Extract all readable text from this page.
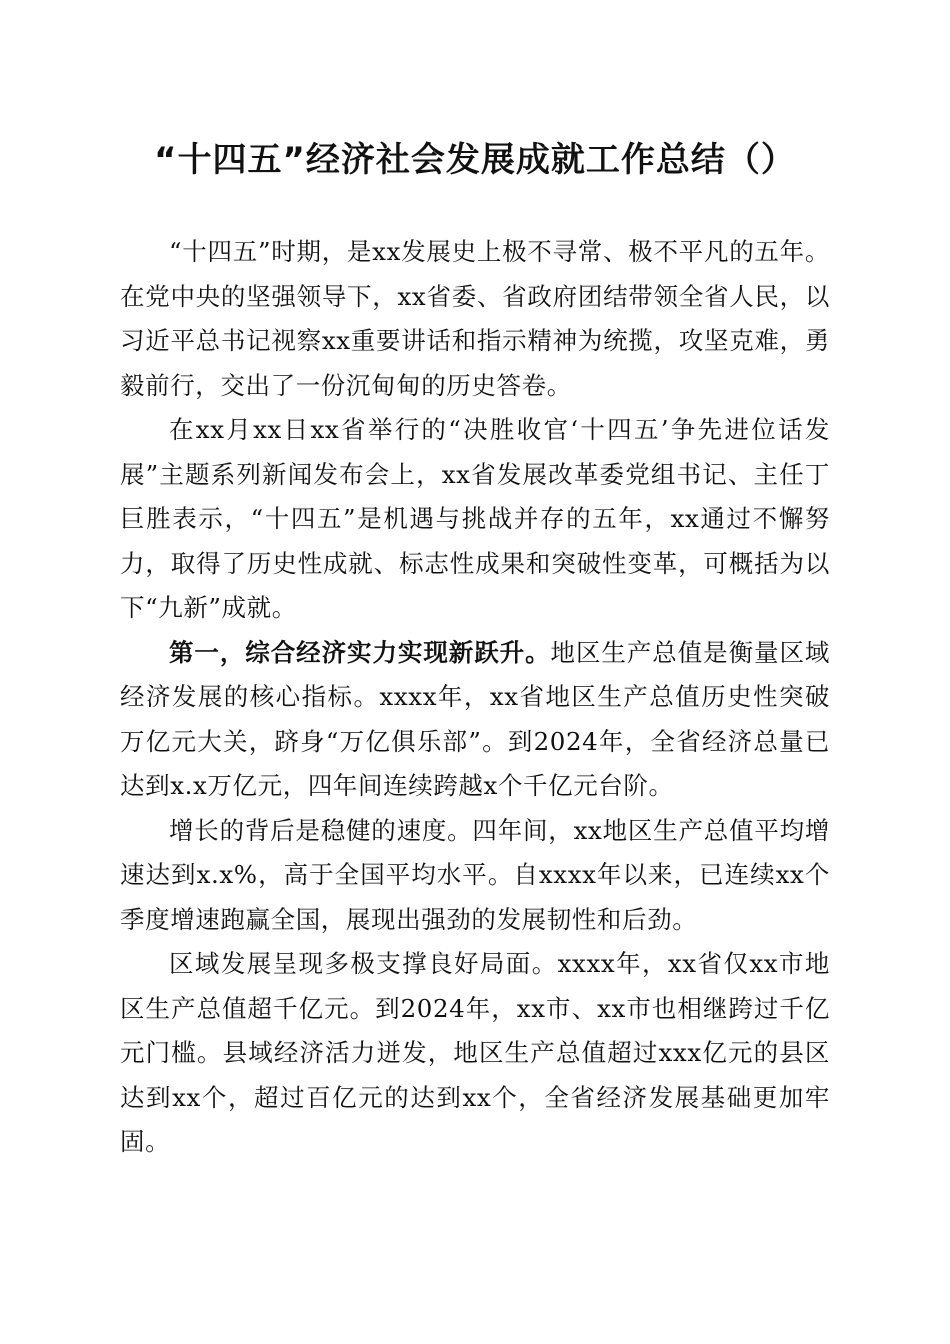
“十四五”经济社会发展成就工作总结（）

“十四五”时期，是xx发展史上极不寻常、极不平凡的五年。在党中央的坚强领导下，xx省委、省政府团结带领全省人民，以习近平总书记视察xx重要讲话和指示精神为统揽，攻坚克难，勇毅前行，交出了一份沉甸甸的历史答卷。

在xx月xx日xx省举行的“决胜收官‘十四五’争先进位话发展”主题系列新闻发布会上，xx省发展改革委党组书记、主任丁巨胜表示，“十四五”是机遇与挑战并存的五年，xx通过不懈努力，取得了历史性成就、标志性成果和突破性变革，可概括为以下“九新”成就。

第一，综合经济实力实现新跃升。地区生产总值是衡量区域经济发展的核心指标。xxxx年，xx省地区生产总值历史性突破万亿元大关，跻身“万亿俱乐部”。到2024年，全省经济总量已达到x.x万亿元，四年间连续跨越x个千亿元台阶。

增长的背后是稳健的速度。四年间，xx地区生产总值平均增速达到x.x%，高于全国平均水平。自xxxx年以来，已连续xx个季度增速跑赢全国，展现出强劲的发展韧性和后劲。

区域发展呈现多极支撑良好局面。xxxx年，xx省仅xx市地区生产总值超千亿元。到2024年，xx市、xx市也相继跨过千亿元门槛。县域经济活力迸发，地区生产总值超过xxx亿元的县区达到xx个，超过百亿元的达到xx个，全省经济发展基础更加牢固。
